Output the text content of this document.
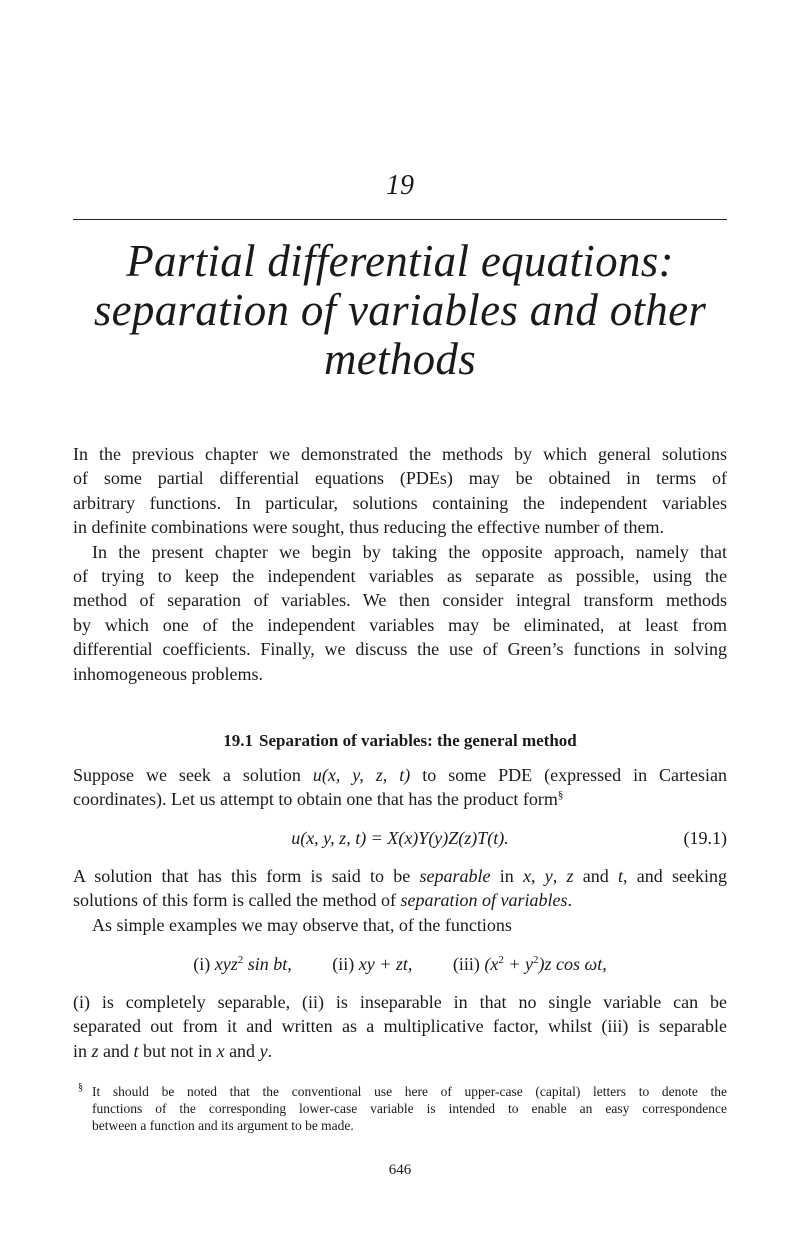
19
Partial differential equations:
separation of variables and other
methods
In the previous chapter we demonstrated the methods by which general solutions
of some partial differential equations (PDEs) may be obtained in terms of
arbitrary functions. In particular, solutions containing the independent variables
in definite combinations were sought, thus reducing the effective number of them.
In the present chapter we begin by taking the opposite approach, namely that
of trying to keep the independent variables as separate as possible, using the
method of separation of variables. We then consider integral transform methods
by which one of the independent variables may be eliminated, at least from
differential coefficients. Finally, we discuss the use of Green’s functions in solving
inhomogeneous problems.
19.1 Separation of variables: the general method
Suppose we seek a solution u(x, y, z, t) to some PDE (expressed in Cartesian
coordinates). Let us attempt to obtain one that has the product form§
u(x, y, z, t) = X(x)Y(y)Z(z)T(t).	(19.1)
A solution that has this form is said to be separable in x, y, z and t, and seeking
solutions of this form is called the method of separation of variables.
As simple examples we may observe that, of the functions
(i) xyz$^2$ sin bt, (ii) xy + zt, (iii) $(x^2 + y^2)z$ cos ωt,
(i) is completely separable, (ii) is inseparable in that no single variable can be
separated out from it and written as a multiplicative factor, whilst (iii) is separable
in z and t but not in x and y.
§ It should be noted that the conventional use here of upper-case (capital) letters to denote the
functions of the corresponding lower-case variable is intended to enable an easy correspondence
between a function and its argument to be made.
646
